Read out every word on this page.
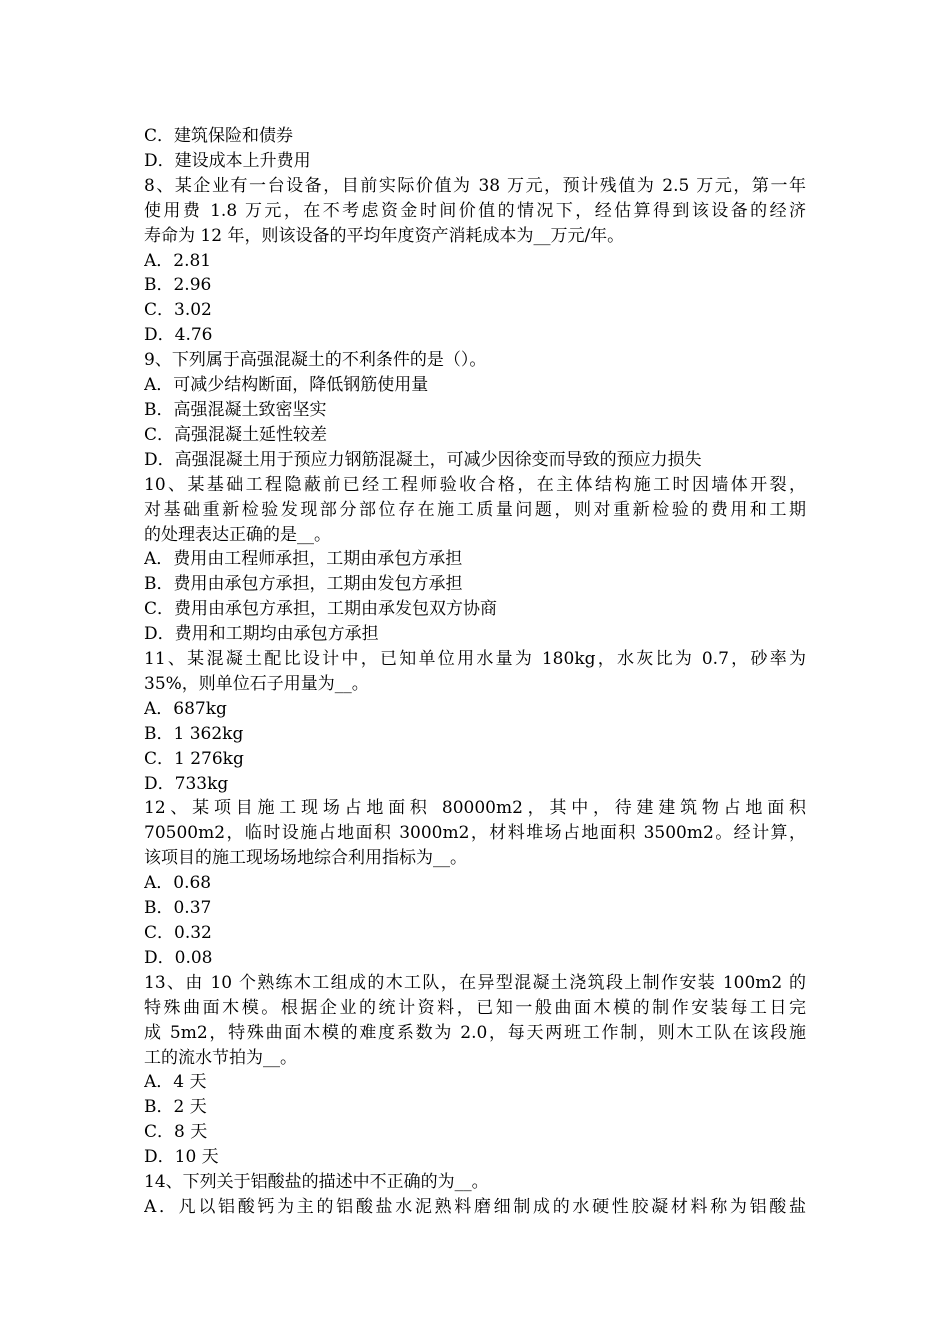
C．建筑保险和债券
D．建设成本上升费用
8、某企业有一台设备，目前实际价值为 38 万元，预计残值为 2.5 万元，第一年
使用费 1.8 万元，在不考虑资金时间价值的情况下，经估算得到该设备的经济
寿命为 12 年，则该设备的平均年度资产消耗成本为__万元/年。
A．2.81
B．2.96
C．3.02
D．4.76
9、下列属于高强混凝土的不利条件的是（）。
A．可减少结构断面，降低钢筋使用量
B．高强混凝土致密坚实
C．高强混凝土延性较差
D．高强混凝土用于预应力钢筋混凝土，可减少因徐变而导致的预应力损失
10、某基础工程隐蔽前已经工程师验收合格，在主体结构施工时因墙体开裂，
对基础重新检验发现部分部位存在施工质量问题，则对重新检验的费用和工期
的处理表达正确的是__。
A．费用由工程师承担，工期由承包方承担
B．费用由承包方承担，工期由发包方承担
C．费用由承包方承担，工期由承发包双方协商
D．费用和工期均由承包方承担
11、某混凝土配比设计中，已知单位用水量为 180kg，水灰比为 0.7，砂率为
35%，则单位石子用量为__。
A．687kg
B．1 362kg
C．1 276kg
D．733kg
12、某项目施工现场占地面积 80000m2，其中，待建建筑物占地面积
70500m2，临时设施占地面积 3000m2，材料堆场占地面积 3500m2。经计算，
该项目的施工现场场地综合利用指标为__。
A．0.68
B．0.37
C．0.32
D．0.08
13、由 10 个熟练木工组成的木工队，在异型混凝土浇筑段上制作安装 100m2 的
特殊曲面木模。根据企业的统计资料，已知一般曲面木模的制作安装每工日完
成 5m2，特殊曲面木模的难度系数为 2.0，每天两班工作制，则木工队在该段施
工的流水节拍为__。
A．4 天
B．2 天
C．8 天
D．10 天
14、下列关于铝酸盐的描述中不正确的为__。
A．凡以铝酸钙为主的铝酸盐水泥熟料磨细制成的水硬性胶凝材料称为铝酸盐
